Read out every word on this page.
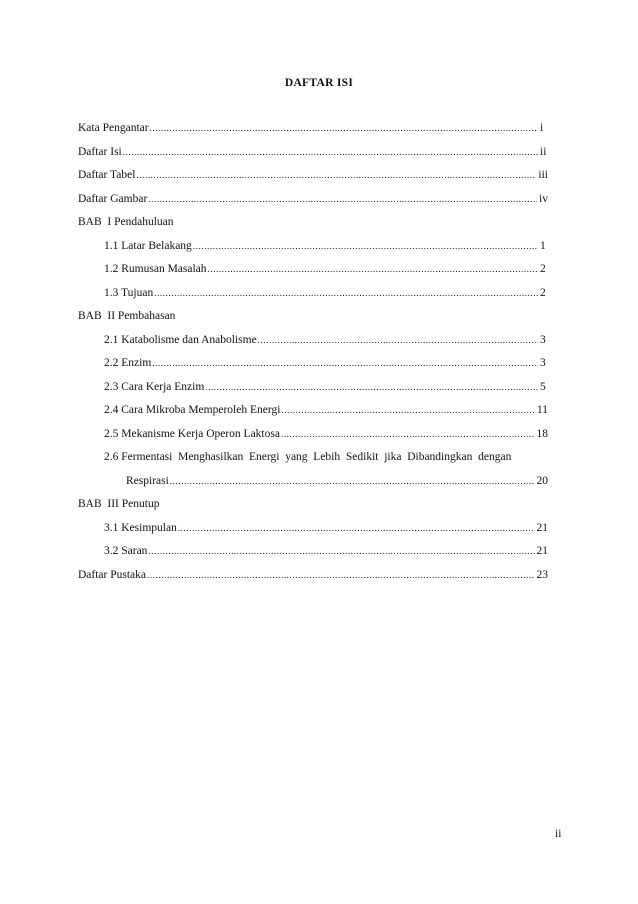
DAFTAR ISI
Kata Pengantar .....	i
Daftar Isi .....	ii
Daftar Tabel .....	iii
Daftar Gambar .....	iv
BAB  I Pendahuluan
1.1 Latar Belakang .....	1
1.2 Rumusan Masalah .....	2
1.3 Tujuan .....	2
BAB  II Pembahasan
2.1 Katabolisme dan Anabolisme .....	3
2.2 Enzim .....	3
2.3 Cara Kerja Enzim .....	5
2.4 Cara Mikroba Memperoleh Energi .....	11
2.5 Mekanisme Kerja Operon Laktosa .....	18
2.6 Fermentasi  Menghasilkan  Energi  yang  Lebih  Sedikit  jika  Dibandingkan  dengan
Respirasi .....	20
BAB  III Penutup
3.1 Kesimpulan .....	21
3.2 Saran .....	21
Daftar Pustaka .....	23
ii
